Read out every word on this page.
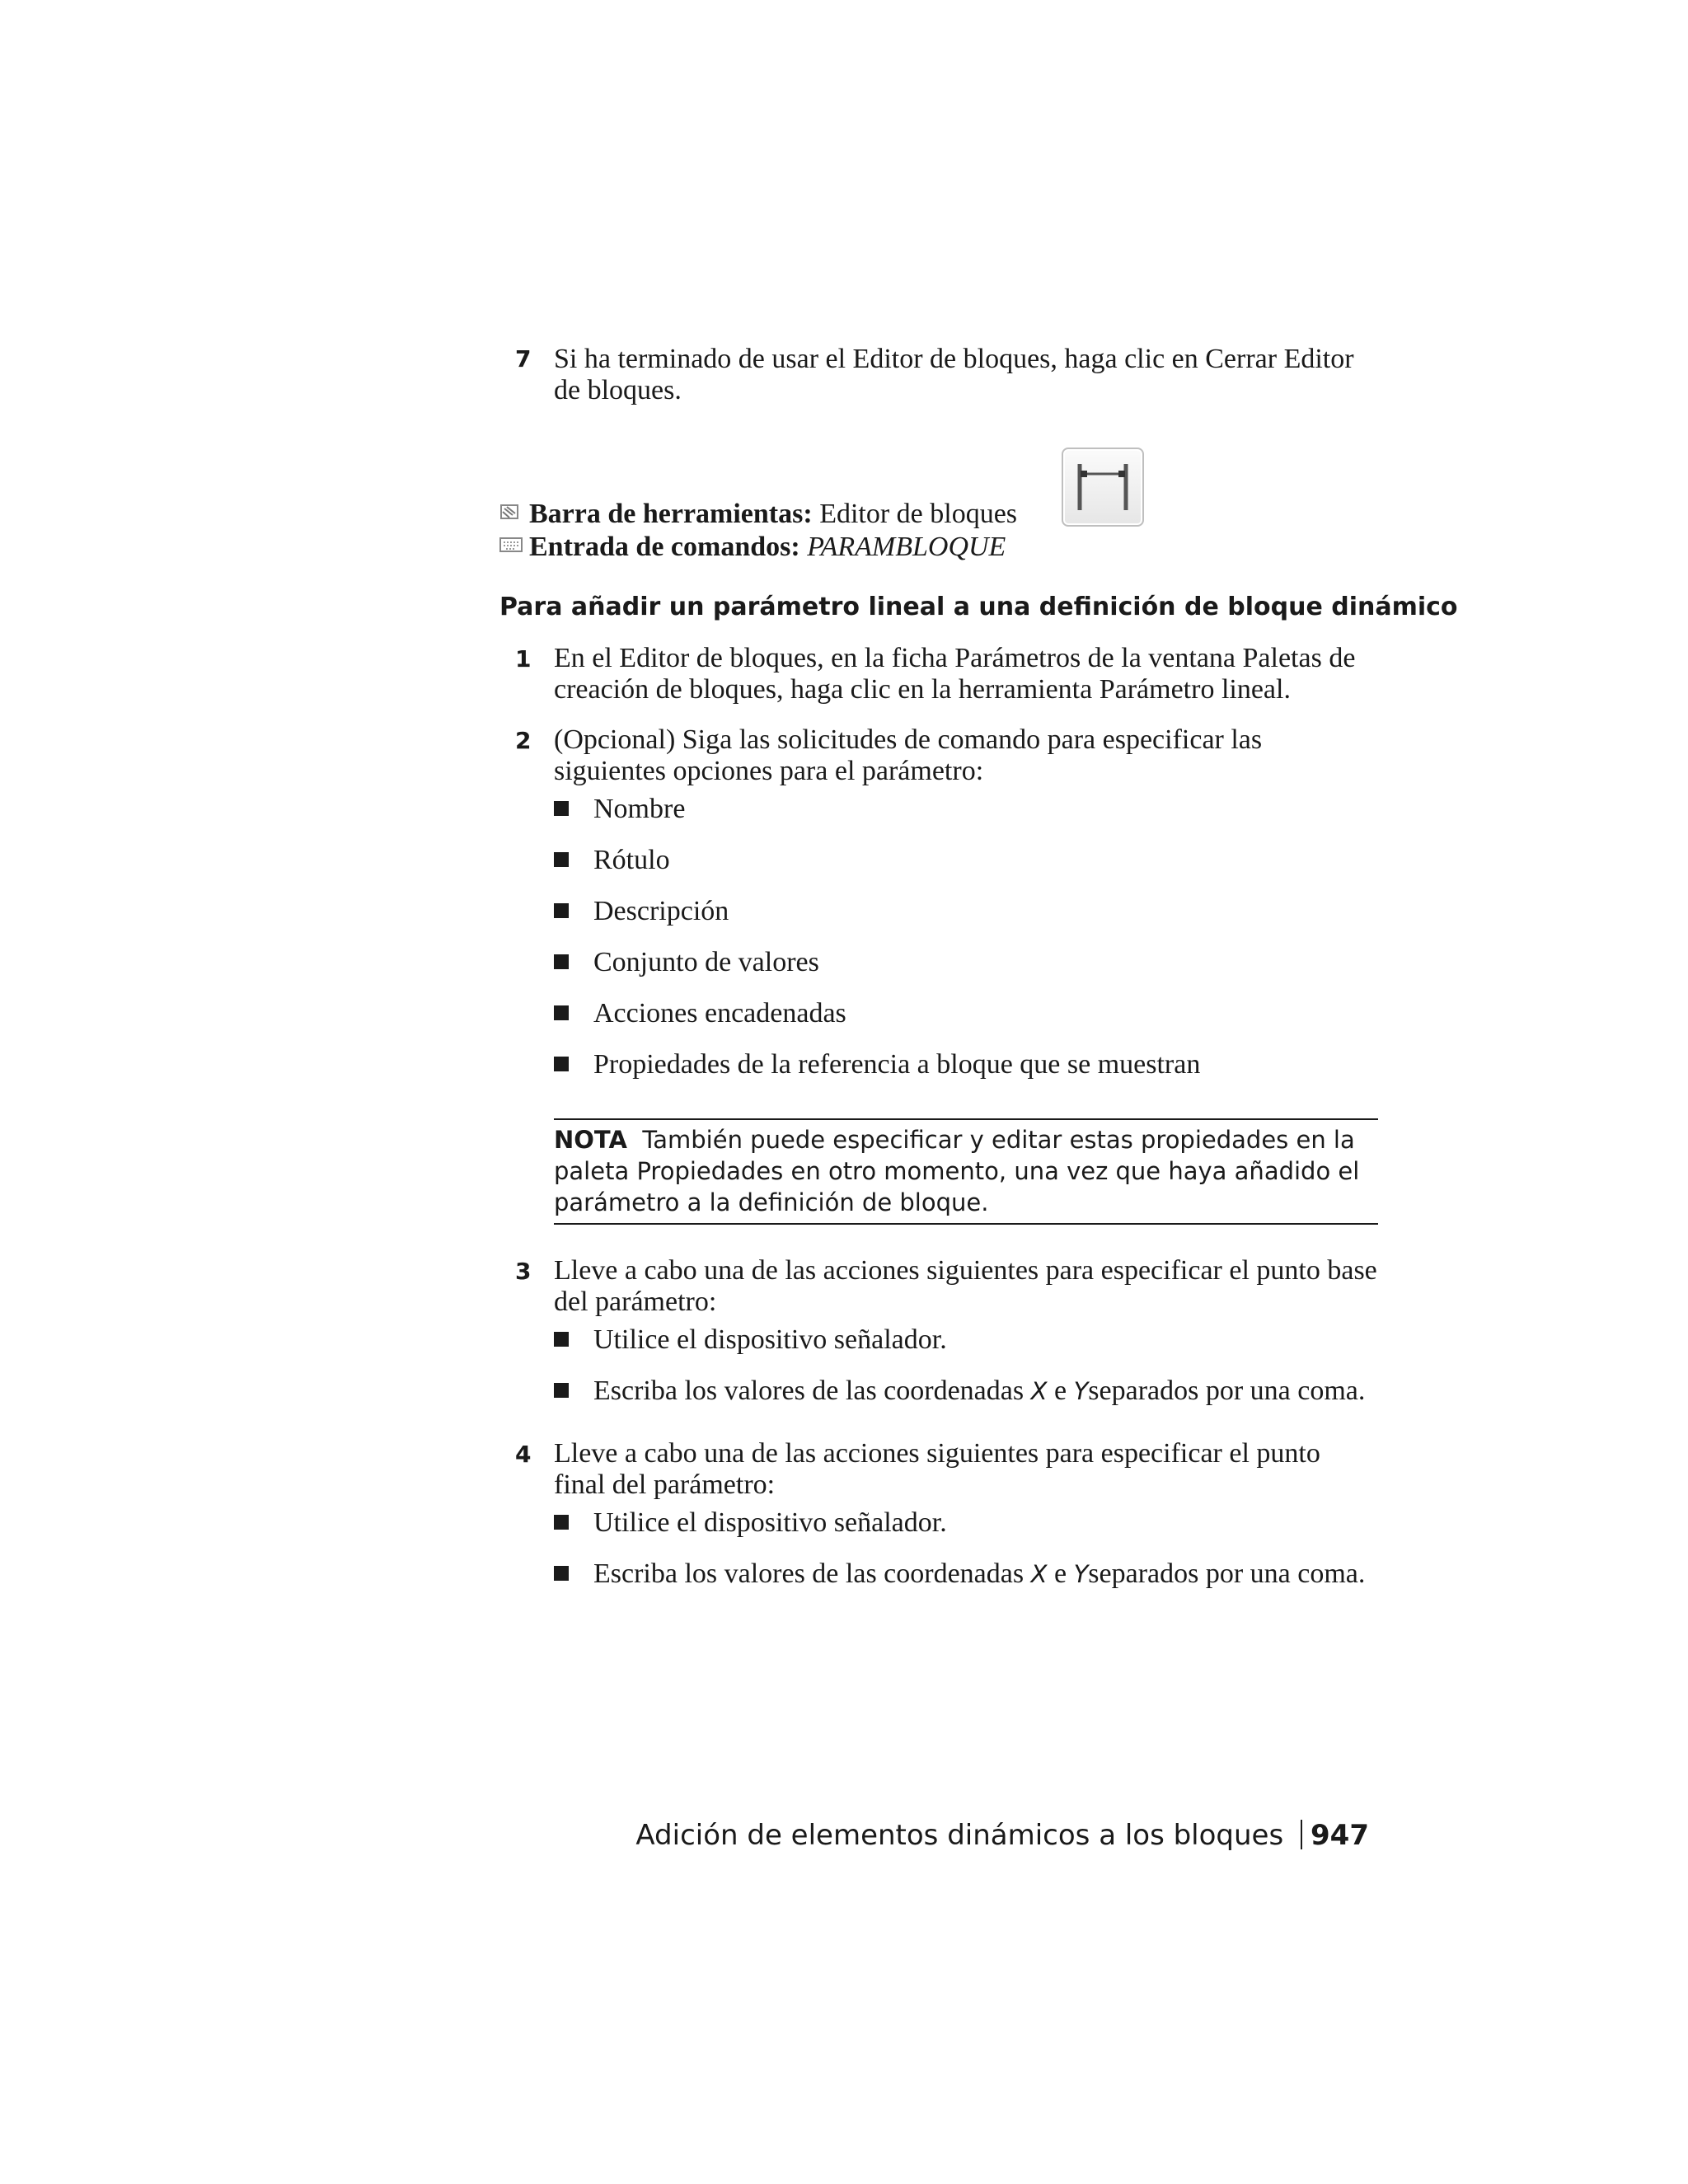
7 Si ha terminado de usar el Editor de bloques, haga clic en Cerrar Editor de bloques.
Barra de herramientas: Editor de bloques
Entrada de comandos: PARAMBLOQUE
Para añadir un parámetro lineal a una definición de bloque dinámico
1 En el Editor de bloques, en la ficha Parámetros de la ventana Paletas de creación de bloques, haga clic en la herramienta Parámetro lineal.
2 (Opcional) Siga las solicitudes de comando para especificar las siguientes opciones para el parámetro:
Nombre
Rótulo
Descripción
Conjunto de valores
Acciones encadenadas
Propiedades de la referencia a bloque que se muestran
NOTA También puede especificar y editar estas propiedades en la paleta Propiedades en otro momento, una vez que haya añadido el parámetro a la definición de bloque.
3 Lleve a cabo una de las acciones siguientes para especificar el punto base del parámetro:
Utilice el dispositivo señalador.
Escriba los valores de las coordenadas X e Yseparados por una coma.
4 Lleve a cabo una de las acciones siguientes para especificar el punto final del parámetro:
Utilice el dispositivo señalador.
Escriba los valores de las coordenadas X e Yseparados por una coma.
Adición de elementos dinámicos a los bloques 947
